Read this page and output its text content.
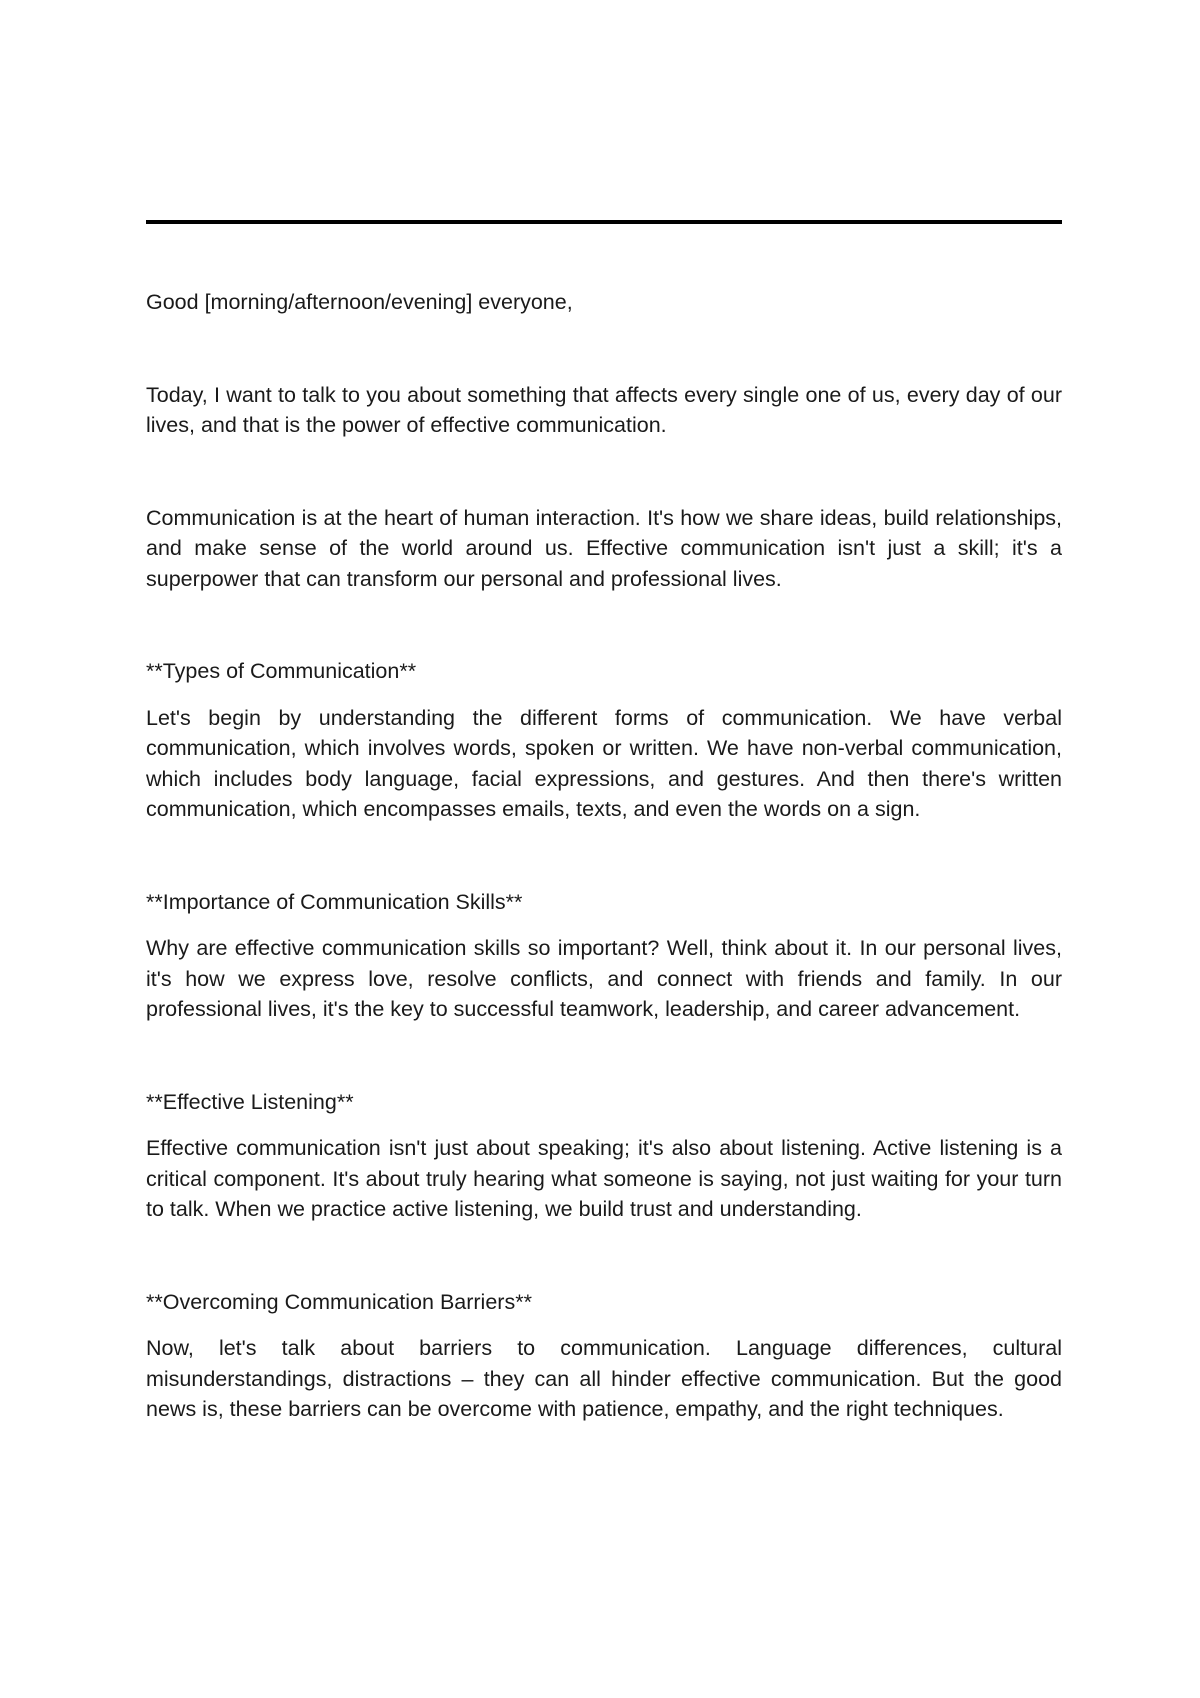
Good [morning/afternoon/evening] everyone,

Today, I want to talk to you about something that affects every single one of us, every day of our lives, and that is the power of effective communication.

Communication is at the heart of human interaction. It's how we share ideas, build relationships, and make sense of the world around us. Effective communication isn't just a skill; it's a superpower that can transform our personal and professional lives.

**Types of Communication**

Let's begin by understanding the different forms of communication. We have verbal communication, which involves words, spoken or written. We have non-verbal communication, which includes body language, facial expressions, and gestures. And then there's written communication, which encompasses emails, texts, and even the words on a sign.

**Importance of Communication Skills**

Why are effective communication skills so important? Well, think about it. In our personal lives, it's how we express love, resolve conflicts, and connect with friends and family. In our professional lives, it's the key to successful teamwork, leadership, and career advancement.

**Effective Listening**

Effective communication isn't just about speaking; it's also about listening. Active listening is a critical component. It's about truly hearing what someone is saying, not just waiting for your turn to talk. When we practice active listening, we build trust and understanding.

**Overcoming Communication Barriers**

Now, let's talk about barriers to communication. Language differences, cultural misunderstandings, distractions – they can all hinder effective communication. But the good news is, these barriers can be overcome with patience, empathy, and the right techniques.
